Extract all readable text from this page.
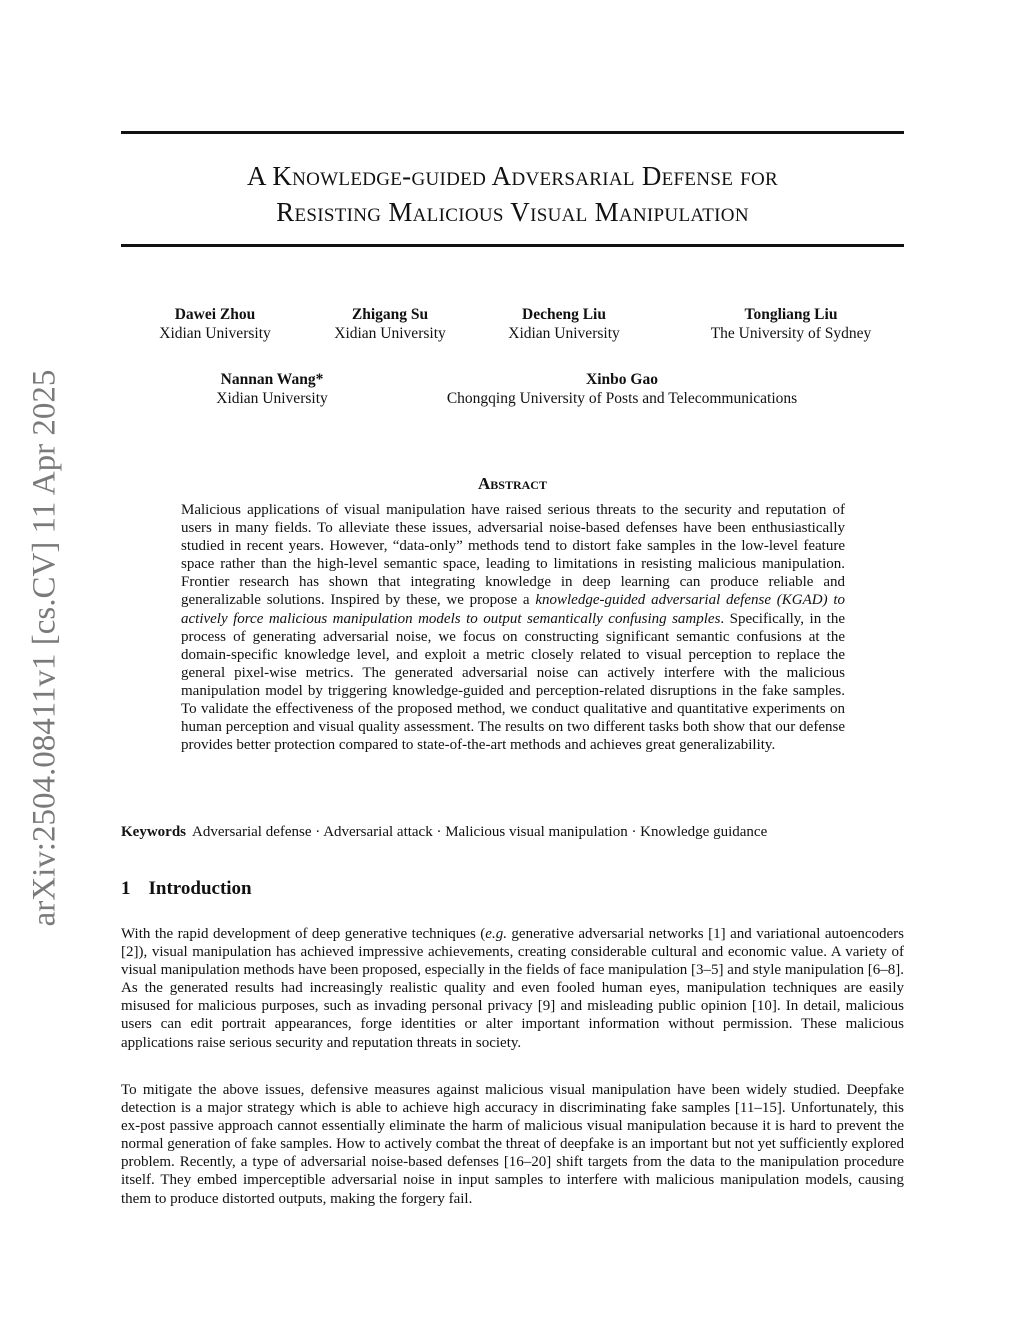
arXiv:2504.08411v1 [cs.CV] 11 Apr 2025
A Knowledge-guided Adversarial Defense for
Resisting Malicious Visual Manipulation
Dawei Zhou
Xidian University
Zhigang Su
Xidian University
Decheng Liu
Xidian University
Tongliang Liu
The University of Sydney
Nannan Wang*
Xidian University
Xinbo Gao
Chongqing University of Posts and Telecommunications
Abstract
Malicious applications of visual manipulation have raised serious threats to the security and reputation of users in many fields. To alleviate these issues, adversarial noise-based defenses have been enthusiastically studied in recent years. However, “data-only” methods tend to distort fake samples in the low-level feature space rather than the high-level semantic space, leading to limitations in resisting malicious manipulation. Frontier research has shown that integrating knowledge in deep learning can produce reliable and generalizable solutions. Inspired by these, we propose a knowledge-guided adversarial defense (KGAD) to actively force malicious manipulation models to output semantically confusing samples. Specifically, in the process of generating adversarial noise, we focus on constructing significant semantic confusions at the domain-specific knowledge level, and exploit a metric closely related to visual perception to replace the general pixel-wise metrics. The generated adversarial noise can actively interfere with the malicious manipulation model by triggering knowledge-guided and perception-related disruptions in the fake samples. To validate the effectiveness of the proposed method, we conduct qualitative and quantitative experiments on human perception and visual quality assessment. The results on two different tasks both show that our defense provides better protection compared to state-of-the-art methods and achieves great generalizability.
Keywords Adversarial defense · Adversarial attack · Malicious visual manipulation · Knowledge guidance
1 Introduction
With the rapid development of deep generative techniques (e.g. generative adversarial networks [1] and variational autoencoders [2]), visual manipulation has achieved impressive achievements, creating considerable cultural and economic value. A variety of visual manipulation methods have been proposed, especially in the fields of face manipulation [3–5] and style manipulation [6–8]. As the generated results had increasingly realistic quality and even fooled human eyes, manipulation techniques are easily misused for malicious purposes, such as invading personal privacy [9] and misleading public opinion [10]. In detail, malicious users can edit portrait appearances, forge identities or alter important information without permission. These malicious applications raise serious security and reputation threats in society.
To mitigate the above issues, defensive measures against malicious visual manipulation have been widely studied. Deepfake detection is a major strategy which is able to achieve high accuracy in discriminating fake samples [11–15]. Unfortunately, this ex-post passive approach cannot essentially eliminate the harm of malicious visual manipulation because it is hard to prevent the normal generation of fake samples. How to actively combat the threat of deepfake is an important but not yet sufficiently explored problem. Recently, a type of adversarial noise-based defenses [16–20] shift targets from the data to the manipulation procedure itself. They embed imperceptible adversarial noise in input samples to interfere with malicious manipulation models, causing them to produce distorted outputs, making the forgery fail.
